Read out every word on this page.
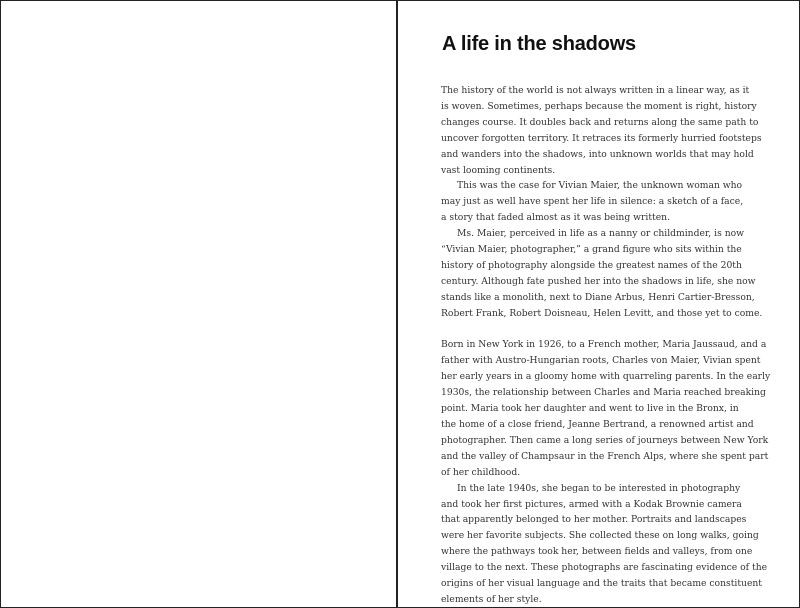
A life in the shadows
The history of the world is not always written in a linear way, as it
is woven. Sometimes, perhaps because the moment is right, history
changes course. It doubles back and returns along the same path to
uncover forgotten territory. It retraces its formerly hurried footsteps
and wanders into the shadows, into unknown worlds that may hold
vast looming continents.
This was the case for Vivian Maier, the unknown woman who
may just as well have spent her life in silence: a sketch of a face,
a story that faded almost as it was being written.
Ms. Maier, perceived in life as a nanny or childminder, is now
“Vivian Maier, photographer,” a grand figure who sits within the
history of photography alongside the greatest names of the 20th
century. Although fate pushed her into the shadows in life, she now
stands like a monolith, next to Diane Arbus, Henri Cartier-Bresson,
Robert Frank, Robert Doisneau, Helen Levitt, and those yet to come.
Born in New York in 1926, to a French mother, Maria Jaussaud, and a
father with Austro-Hungarian roots, Charles von Maier, Vivian spent
her early years in a gloomy home with quarreling parents. In the early
1930s, the relationship between Charles and Maria reached breaking
point. Maria took her daughter and went to live in the Bronx, in
the home of a close friend, Jeanne Bertrand, a renowned artist and
photographer. Then came a long series of journeys between New York
and the valley of Champsaur in the French Alps, where she spent part
of her childhood.
In the late 1940s, she began to be interested in photography
and took her first pictures, armed with a Kodak Brownie camera
that apparently belonged to her mother. Portraits and landscapes
were her favorite subjects. She collected these on long walks, going
where the pathways took her, between fields and valleys, from one
village to the next. These photographs are fascinating evidence of the
origins of her visual language and the traits that became constituent
elements of her style.
